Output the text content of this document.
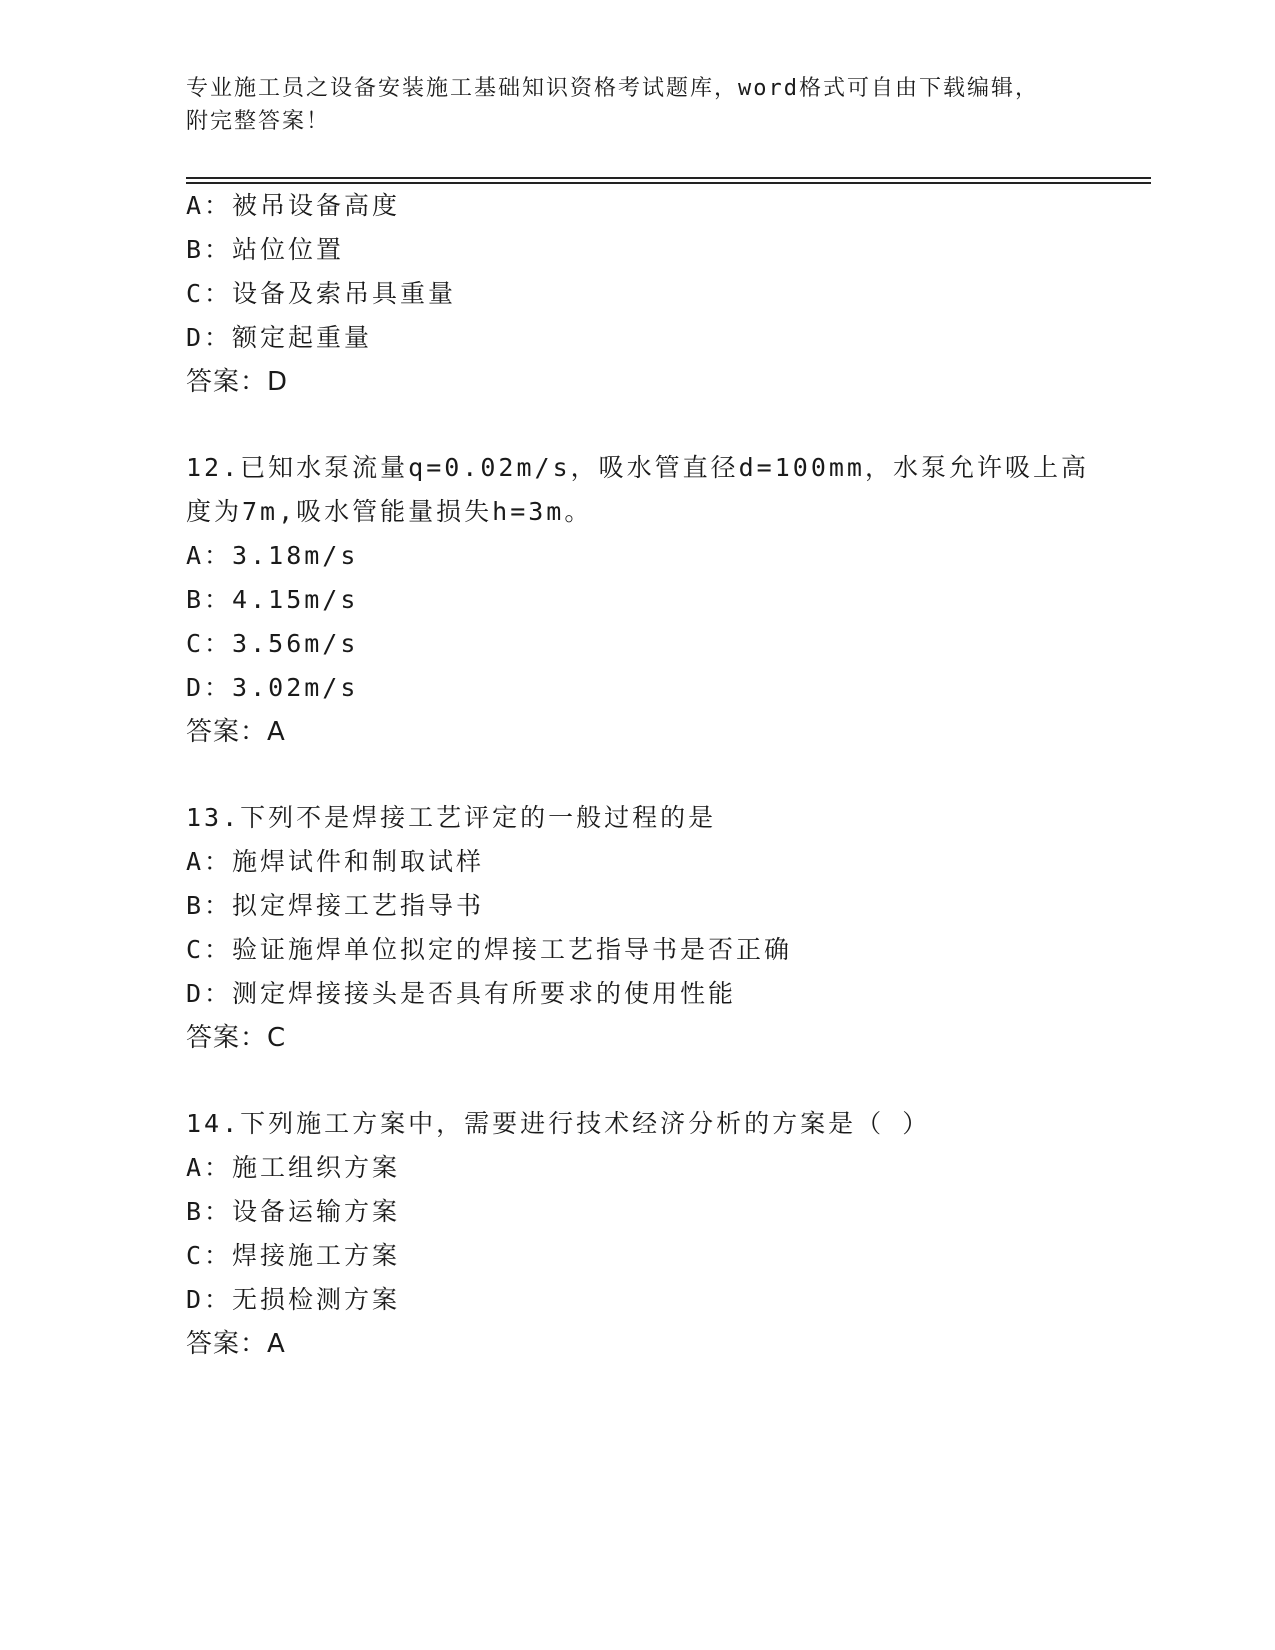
专业施工员之设备安装施工基础知识资格考试题库，word格式可自由下载编辑，
附完整答案！
A：被吊设备高度
B：站位位置
C：设备及索吊具重量
D：额定起重量
答案：D
12.已知水泵流量q=0.02m/s，吸水管直径d=100mm，水泵允许吸上高
度为7m,吸水管能量损失h=3m。
A：3.18m/s
B：4.15m/s
C：3.56m/s
D：3.02m/s
答案：A
13.下列不是焊接工艺评定的一般过程的是
A：施焊试件和制取试样
B：拟定焊接工艺指导书
C：验证施焊单位拟定的焊接工艺指导书是否正确
D：测定焊接接头是否具有所要求的使用性能
答案：C
14.下列施工方案中，需要进行技术经济分析的方案是（ ）
A：施工组织方案
B：设备运输方案
C：焊接施工方案
D：无损检测方案
答案：A
